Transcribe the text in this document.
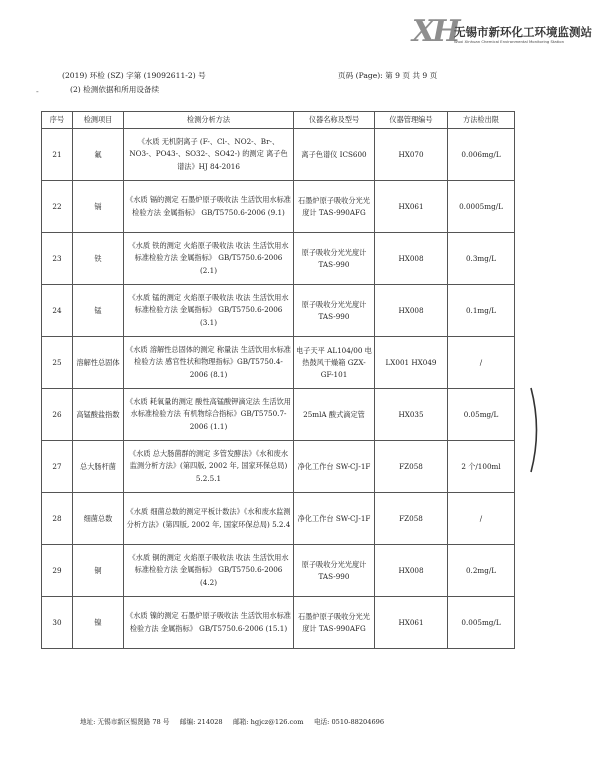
XH
无锡市新环化工环境监测站
Wuxi Xinhuan Chemical Environmental Monitoring Station
(2019) 环检 (SZ) 字第 (19092611-2) 号	页码 (Page): 第 9 页 共 9 页
-	(2) 检测依据和所用设备续
序号	检测项目	检测分析方法	仪器名称及型号	仪器管理编号	方法检出限
21	氟	《水质 无机阴离子 (F-、Cl-、NO2-、Br-、NO3-、PO43-、SO32-、SO42-) 的测定 离子色谱法》HJ 84-2016	离子色谱仪 ICS600	HX070	0.006mg/L
22	镉	《水质 镉的测定 石墨炉原子吸收法 生活饮用水标准检验方法 金属指标》 GB/T5750.6-2006 (9.1)	石墨炉原子吸收分光光度计 TAS-990AFG	HX061	0.0005mg/L
23	铁	《水质 铁的测定 火焰原子吸收法 收法 生活饮用水标准检验方法 金属指标》 GB/T5750.6-2006 (2.1)	原子吸收分光光度计 TAS-990	HX008	0.3mg/L
24	锰	《水质 锰的测定 火焰原子吸收法 收法 生活饮用水标准检验方法 金属指标》 GB/T5750.6-2006 (3.1)	原子吸收分光光度计 TAS-990	HX008	0.1mg/L
25	溶解性总固体	《水质 溶解性总固体的测定 称量法 生活饮用水标准检验方法 感官性状和物理指标》GB/T5750.4-2006 (8.1)	电子天平 AL104/00 电热鼓风干燥箱 GZX-GF-101	LX001 HX049	/
26	高锰酸盐指数	《水质 耗氧量的测定 酸性高锰酸钾滴定法 生活饮用水标准检验方法 有机物综合指标》GB/T5750.7-2006 (1.1)	25mlA 酸式滴定管	HX035	0.05mg/L
27	总大肠杆菌	《水质 总大肠菌群的测定 多管发酵法》《水和废水监测分析方法》(第四版, 2002 年, 国家环保总局) 5.2.5.1	净化工作台 SW-CJ-1F	FZ058	2 个/100ml
28	细菌总数	《水质 细菌总数的测定平板计数法》《水和废水监测分析方法》(第四版, 2002 年, 国家环保总局) 5.2.4	净化工作台 SW-CJ-1F	FZ058	/
29	铜	《水质 铜的测定 火焰原子吸收法 收法 生活饮用水标准检验方法 金属指标》 GB/T5750.6-2006 (4.2)	原子吸收分光光度计 TAS-990	HX008	0.2mg/L
30	镍	《水质 镍的测定 石墨炉原子吸收法 生活饮用水标准检验方法 金属指标》 GB/T5750.6-2006 (15.1)	石墨炉原子吸收分光光度计 TAS-990AFG	HX061	0.005mg/L
地址: 无锡市新区锡贤路 78 号 邮编: 214028 邮箱: hgjcz@126.com 电话: 0510-88204696
